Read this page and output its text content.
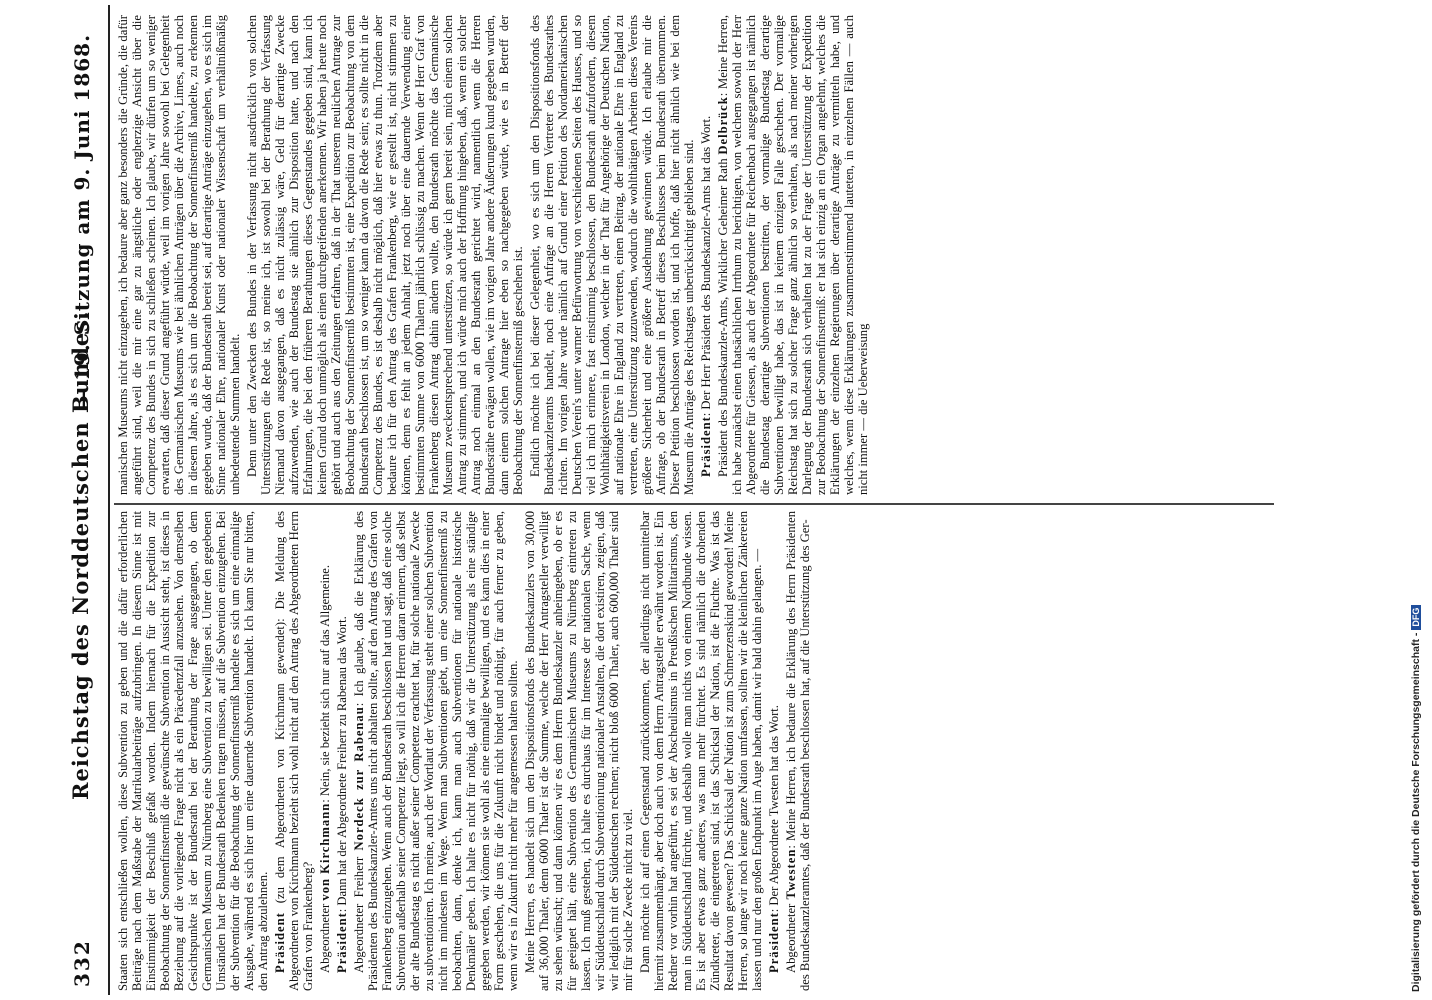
332
Reichstag des Norddeutschen Bundes.
— 19. Sitzung am 9. Juni 1868.

Staaten sich entschließen wollen, diese Subvention zu geben und die dafür erforderlichen Beiträge nach dem Maßstabe der Matrikularbeiträge aufzubringen. In diesem Sinne ist mit Einstimmigkeit der Beschluß gefaßt worden. Indem hiernach für die Expedition zur Beobachtung der Sonnenfinsterniß die gewünschte Subvention in Aussicht steht, ist dieses in Beziehung auf die vorliegende Frage nicht als ein Präcedenzfall anzusehen. Von demselben Gesichtspunkte ist der Bundesrath bei der Berathung der Frage ausgegangen, ob dem Germanischen Museum zu Nürnberg eine Subvention zu bewilligen sei. Unter den gegebenen Umständen hat der Bundesrath Bedenken tragen müssen, auf die Subvention einzugehen. Bei der Subvention für die Beobachtung der Sonnenfinsterniß handelte es sich um eine einmalige Ausgabe, während es sich hier um eine dauernde Subvention handelt. Ich kann Sie nur bitten, den Antrag abzulehnen. Präsident (zu dem Abgeordneten von Kirchmann gewendet): Die Meldung des Abgeordneten von Kirchmann bezieht sich wohl nicht auf den Antrag des Abgeordneten Herrn Grafen von Frankenberg? Abgeordneter von Kirchmann: Nein, sie bezieht sich nur auf das Allgemeine.

Präsident: Dann hat der Abgeordnete Freiherr zu Rabenau das Wort.

Abgeordneter Freiherr Nordeck zur Rabenau: Ich glaube, daß die Erklärung des Präsidenten des Bundeskanzler-Amtes uns nicht abhalten sollte, auf den Antrag des Grafen von Frankenberg einzugehen. Wenn auch der Bundesrath beschlossen hat und sagt, daß eine solche Subvention außerhalb seiner Competenz liegt, so will ich die Herren daran erinnern, daß selbst der alte Bundestag es nicht außer seiner Competenz erachtet hat, für solche nationale Zwecke zu subventioniren. Ich meine, auch der Wortlaut der Verfassung steht einer solchen Subvention nicht im mindesten im Wege. Wenn man Subventionen giebt, um eine Sonnenfinsterniß zu beobachten, dann, denke ich, kann man auch Subventionen für nationale historische Denkmäler geben. Ich halte es nicht für nöthig, daß wir die Unterstützung als eine ständige gegeben werden, wir können sie wohl als eine einmalige bewilligen, und es kann dies in einer Form geschehen, die uns für die Zukunft nicht bindet und nöthigt, für auch ferner zu geben, wenn wir es in Zukunft nicht mehr für angemessen halten sollten. Meine Herren, es handelt sich um den Dispositionsfonds des Bundeskanzlers von 30,000 auf 36,000 Thaler, denn 6000 Thaler ist die Summe, welche der Herr Antragsteller verwilligt zu sehen wünscht; und dann können wir es dem Herrn Bundeskanzler anheimgeben, ob er es für geeignet hält, eine Subvention des Germanischen Museums zu Nürnberg eintreten zu lassen. Ich muß gestehen, ich halte es durchaus für im Interesse der nationalen Sache, wenn wir Süddeutschland durch Subventionirung nationaler Anstalten, die dort existiren, zeigen, daß wir lediglich mit der Süddeutschen rechnen; nicht bloß 6000 Thaler, auch 600,000 Thaler sind mir für solche Zwecke nicht zu viel. Dann möchte ich auf einen Gegenstand zurückkommen, der allerdings nicht unmittelbar hiermit zusammenhängt, aber doch auch von dem Herrn Antragsteller erwähnt worden ist. Ein Redner vor vorhin hat angeführt, es sei der Abscheulismus in Preußischen Militarismus, den man in Süddeutschland fürchte, und deshalb wolle man nichts von einem Nordbunde wissen. Es ist aber etwas ganz anderes, was man mehr fürchtet. Es sind nämlich die drohenden Zündkreter, die eingetreten sind, ist das Schicksal der Nation, ist die Fluchte. Was ist das Resultat davon gewesen? Das Schicksal der Nation ist zum Schmerzenskind geworden! Meine Herren, so lange wir noch keine ganze Nation umfassen, sollten wir die kleinlichen Zänkereien lassen und nur den großen Endpunkt im Auge haben, damit wir bald dahin gelangen. — Präsident: Der Abgeordnete Twesten hat das Wort.

Abgeordneter Twesten: Meine Herren, ich bedaure die Erklärung des Herrn Präsidenten des Bundeskanzleramtes, daß der Bundesrath beschlossen hat, auf die Unterstützung des Ger-

manischen Museums nicht einzugehen, ich bedaure aber ganz besonders die Gründe, die dafür angeführt sind, weil die mir eine gar zu ängstliche oder engherzige Ansicht über die Competenz des Bundes in sich zu schließen scheinen. Ich glaube, wir dürfen um so weniger erwarten, daß dieser Grund angeführt würde, weil im vorigen Jahre sowohl bei Gelegenheit des Germanischen Museums wie bei ähnlichen Anträgen über die Archive, Limes, auch noch in diesem Jahre, als es sich um die Beobachtung der Sonnenfinsterniß handelte, zu erkennen gegeben wurde, daß der Bundesrath bereit sei, auf derartige Anträge einzugehen, wo es sich im Sinne nationaler Ehre, nationaler Kunst oder nationaler Wissenschaft um verhältnißmäßig unbedeutende Summen handelt. Denn unter den Zwecken des Bundes in der Verfassung nicht ausdrücklich von solchen Unterstützungen die Rede ist, so meine ich, ist sowohl bei der Berathung der Verfassung Niemand davon ausgegangen, daß es nicht zulässig wäre, Geld für derartige Zwecke aufzuwenden, wie auch der Bundestag sie ähnlich zur Disposition hatte, und nach den Erfahrungen, die bei den früheren Berathungen dieses Gegenstandes gegeben sind, kann ich keinen Grund doch unmöglich als einen durchgreifenden anerkennen. Wir haben ja heute noch gehört und auch aus den Zeitungen erfahren, daß in der That unserem neulichen Antrage zur Beobachtung der Sonnenfinsterniß bestimmten ist, eine Expedition zur Beobachtung von dem Bundesrath beschlossen ist, um so weniger kann da davon die Rede sein; es sollte nicht in die Competenz des Bundes, es ist deshalb nicht möglich, daß hier etwas zu thun. Trotzdem aber bedaure ich für den Antrag des Grafen Frankenberg, wie er gestellt ist, nicht stimmen zu können, denn es fehlt an jedem Anhalt, jetzt noch über eine dauernde Verwendung einer bestimmten Summe von 6000 Thalern jährlich schlüssig zu machen. Wenn der Herr Graf von Frankenberg diesen Antrag dahin ändern wollte, den Bundesrath möchte das Germanische Museum zweckentsprechend unterstützen, so würde ich gern bereit sein, mich einem solchen Antrag zu stimmen, und ich würde mich auch der Hoffnung hingeben, daß, wenn ein solcher Antrag noch einmal an den Bundesrath gerichtet wird, namentlich wenn die Herren Bundesräthe erwägen wollen, wie im vorigen Jahre andere Äußerungen kund gegeben wurden, dann einem solchen Antrage hier eben so nachgegeben würde, wie es in Betreff der Beobachtung der Sonnenfinsterniß geschehen ist. Endlich möchte ich bei dieser Gelegenheit, wo es sich um den Dispositionsfonds des Bundeskanzleramts handelt, noch eine Anfrage an die Herren Vertreter des Bundesrathes richten. Im vorigen Jahre wurde nämlich auf Grund einer Petition des Nordamerikanischen Deutschen Verein's unter warmer Befürwortung von verschiedenen Seiten des Hauses, und so viel ich mich erinnere, fast einstimmig beschlossen, den Bundesrath aufzufordern, diesem Wohlthätigkeitsverein in London, welcher in der That für Angehörige der Deutschen Nation, auf nationale Ehre in England zu vertreten, einen Beitrag, der nationale Ehre in England zu vertreten, eine Unterstützung zuzuwenden, wodurch die wohlthätigen Arbeiten dieses Vereins größere Sicherheit und eine größere Ausdehnung gewinnen würde. Ich erlaube mir die Anfrage, ob der Bundesrath in Betreff dieses Beschlusses beim Bundesrath übernommen. Dieser Petition beschlossen worden ist, und ich hoffe, daß hier nicht ähnlich wie bei dem Museum die Anträge des Reichstages unberücksichtigt geblieben sind. Präsident: Der Herr Präsident des Bundeskanzler-Amts hat das Wort. Präsident des Bundeskanzler-Amts, Wirklicher Geheimer Rath Delbrück: Meine Herren, ich habe zunächst einen thatsächlichen Irrthum zu berichtigen, von welchem sowohl der Herr Abgeordnete für Giessen, als auch der Abgeordnete für Reichenbach ausgegangen ist nämlich die Bundestag derartige Subventionen bestritten, der vormalige Bundestag derartige Subventionen bewilligt habe, das ist in keinem einzigen Falle geschehen. Der vormalige Reichstag hat sich zu solcher Frage ganz ähnlich so verhalten, als nach meiner vorherigen Darlegung der Bundesrath sich verhalten hat zu der Frage der Unterstützung der Expedition zur Beobachtung der Sonnenfinsterniß: er hat sich einzig an ein Organ angelehnt, welches die Erklärungen der einzelnen Regierungen über derartige Anträge zu vermitteln habe, und welches, wenn diese Erklärungen zusammenstimmend lauteten, in einzelnen Fällen — auch nicht immer — die Ueberweisung

Digitalisierung gefördert durch die Deutsche Forschungsgemeinschaft -DFG
